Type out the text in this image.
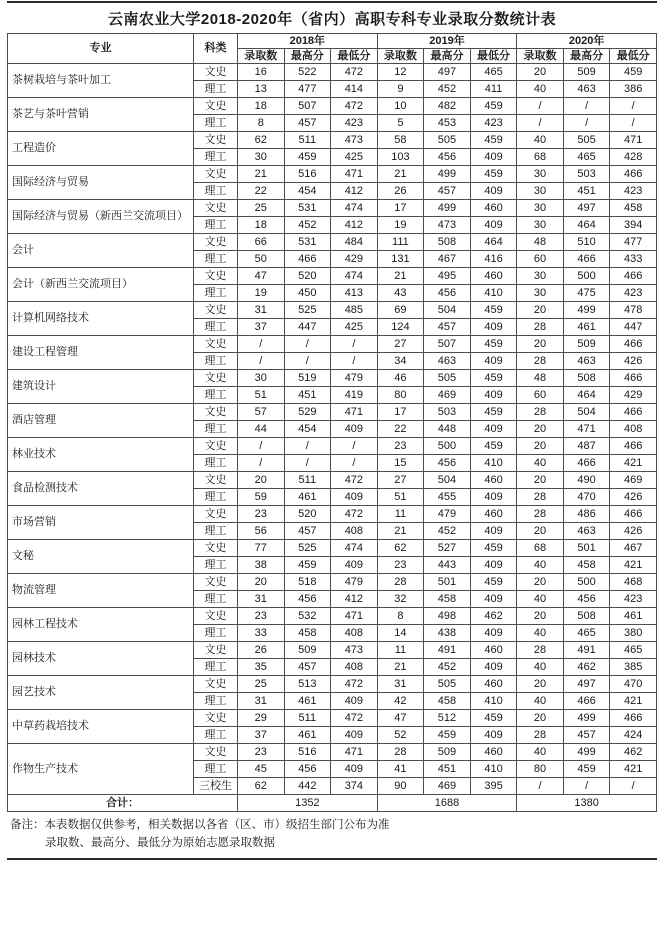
云南农业大学2018-2020年（省内）高职专科专业录取分数统计表
专业	科类	2018年			2019年			2020年		
		录取数	最高分	最低分	录取数	最高分	最低分	录取数	最高分	最低分
茶树栽培与茶叶加工	文史	16	522	472	12	497	465	20	509	459
	理工	13	477	414	9	452	411	40	463	386
茶艺与茶叶营销	文史	18	507	472	10	482	459	/	/	/
	理工	8	457	423	5	453	423	/	/	/
工程造价	文史	62	511	473	58	505	459	40	505	471
	理工	30	459	425	103	456	409	68	465	428
国际经济与贸易	文史	21	516	471	21	499	459	30	503	466
	理工	22	454	412	26	457	409	30	451	423
国际经济与贸易（新西兰交流项目）	文史	25	531	474	17	499	460	30	497	458
	理工	18	452	412	19	473	409	30	464	394
会计	文史	66	531	484	111	508	464	48	510	477
	理工	50	466	429	131	467	416	60	466	433
会计（新西兰交流项目）	文史	47	520	474	21	495	460	30	500	466
	理工	19	450	413	43	456	410	30	475	423
计算机网络技术	文史	31	525	485	69	504	459	20	499	478
	理工	37	447	425	124	457	409	28	461	447
建设工程管理	文史	/	/	/	27	507	459	20	509	466
	理工	/	/	/	34	463	409	28	463	426
建筑设计	文史	30	519	479	46	505	459	48	508	466
	理工	51	451	419	80	469	409	60	464	429
酒店管理	文史	57	529	471	17	503	459	28	504	466
	理工	44	454	409	22	448	409	20	471	408
林业技术	文史	/	/	/	23	500	459	20	487	466
	理工	/	/	/	15	456	410	40	466	421
食品检测技术	文史	20	511	472	27	504	460	20	490	469
	理工	59	461	409	51	455	409	28	470	426
市场营销	文史	23	520	472	11	479	460	28	486	466
	理工	56	457	408	21	452	409	20	463	426
文秘	文史	77	525	474	62	527	459	68	501	467
	理工	38	459	409	23	443	409	40	458	421
物流管理	文史	20	518	479	28	501	459	20	500	468
	理工	31	456	412	32	458	409	40	456	423
园林工程技术	文史	23	532	471	8	498	462	20	508	461
	理工	33	458	408	14	438	409	40	465	380
园林技术	文史	26	509	473	11	491	460	28	491	465
	理工	35	457	408	21	452	409	40	462	385
园艺技术	文史	25	513	472	31	505	460	20	497	470
	理工	31	461	409	42	458	410	40	466	421
中草药栽培技术	文史	29	511	472	47	512	459	20	499	466
	理工	37	461	409	52	459	409	28	457	424
作物生产技术	文史	23	516	471	28	509	460	40	499	462
	理工	45	456	409	41	451	410	80	459	421
	三校生	62	442	374	90	469	395	/	/	/
合计：		1352			1688			1380		
备注：本表数据仅供参考，相关数据以各省（区、市）级招生部门公布为准
录取数、最高分、最低分为原始志愿录取数据
